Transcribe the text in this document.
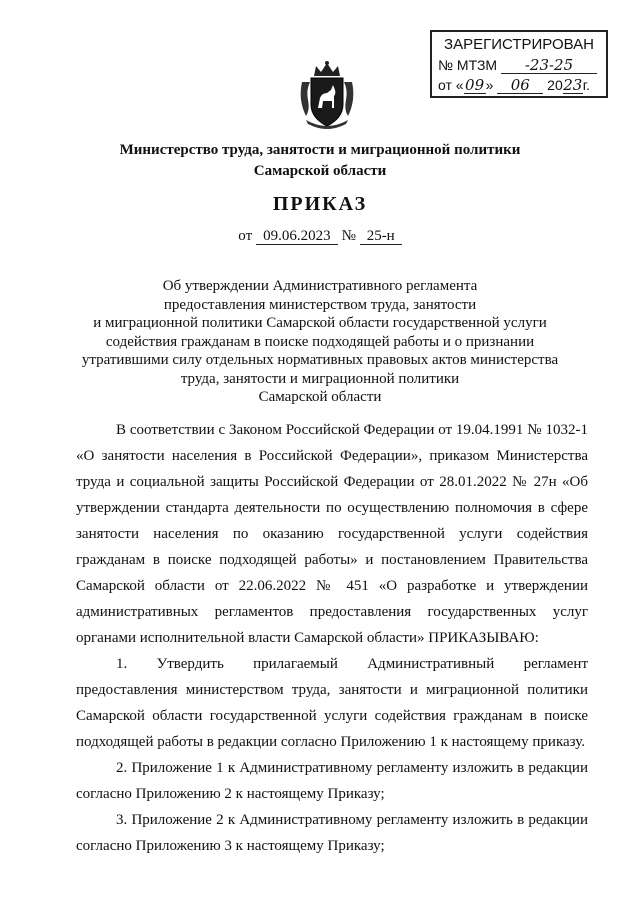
ЗАРЕГИСТРИРОВАН
№ МТЗМ -23-25
от «09» 06 2023г.
Министерство труда, занятости и миграционной политики
Самарской области
ПРИКАЗ
от 09.06.2023 № 25-н
Об утверждении Административного регламента
предоставления министерством труда, занятости
и миграционной политики Самарской области государственной услуги
содействия гражданам в поиске подходящей работы и о признании
утратившими силу отдельных нормативных правовых актов министерства
труда, занятости и миграционной политики
Самарской области

В соответствии с Законом Российской Федерации от 19.04.1991 № 1032-1 «О занятости населения в Российской Федерации», приказом Министерства труда и социальной защиты Российской Федерации от 28.01.2022 № 27н «Об утверждении стандарта деятельности по осуществлению полномочия в сфере занятости населения по оказанию государственной услуги содействия гражданам в поиске подходящей работы» и постановлением Правительства Самарской области от 22.06.2022 № 451 «О разработке и утверждении административных регламентов предоставления государственных услуг органами исполнительной власти Самарской области» ПРИКАЗЫВАЮ:

1. Утвердить прилагаемый Административный регламент предоставления министерством труда, занятости и миграционной политики Самарской области государственной услуги содействия гражданам в поиске подходящей работы в редакции согласно Приложению 1 к настоящему приказу.

2. Приложение 1 к Административному регламенту изложить в редакции согласно Приложению 2 к настоящему Приказу;

3. Приложение 2 к Административному регламенту изложить в редакции согласно Приложению 3 к настоящему Приказу;
